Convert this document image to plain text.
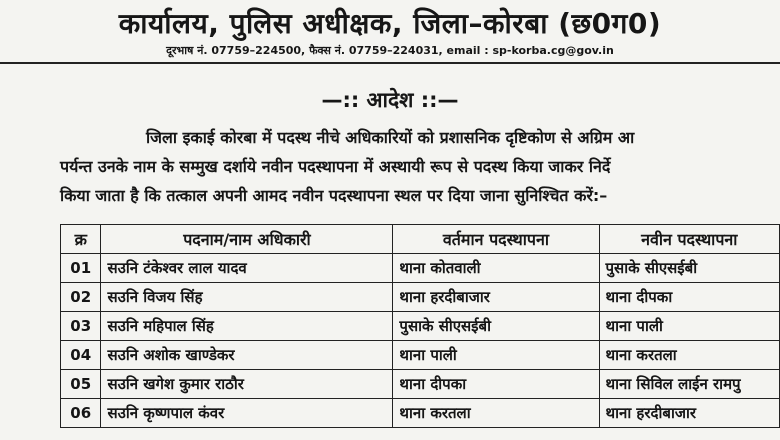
कार्यालय, पुलिस अधीक्षक, जिला–कोरबा (छ0ग0)
दूरभाष नं. 07759–224500, फैक्स नं. 07759–224031, email : sp-korba.cg@gov.in
—:: आदेश ::—
जिला इकाई कोरबा में पदस्थ नीचे अधिकारियों को प्रशासनिक दृष्टिकोण से अग्रिम आ
पर्यन्त उनके नाम के सम्मुख दर्शाये नवीन पदस्थापना में अस्थायी रूप से पदस्थ किया जाकर निर्दे
किया जाता है कि तत्काल अपनी आमद नवीन पदस्थापना स्थल पर दिया जाना सुनिश्चित करें:–
क्र	पदनाम/नाम अधिकारी	वर्तमान पदस्थापना	नवीन पदस्थापना
01	सउनि टंकेश्वर लाल यादव	थाना कोतवाली	पुसाके सीएसईबी
02	सउनि विजय सिंह	थाना हरदीबाजार	थाना दीपका
03	सउनि महिपाल सिंह	पुसाके सीएसईबी	थाना पाली
04	सउनि अशोक खाण्डेकर	थाना पाली	थाना करतला
05	सउनि खगेश कुमार राठौर	थाना दीपका	थाना सिविल लाईन रामपु
06	सउनि कृष्णपाल कंवर	थाना करतला	थाना हरदीबाजार
